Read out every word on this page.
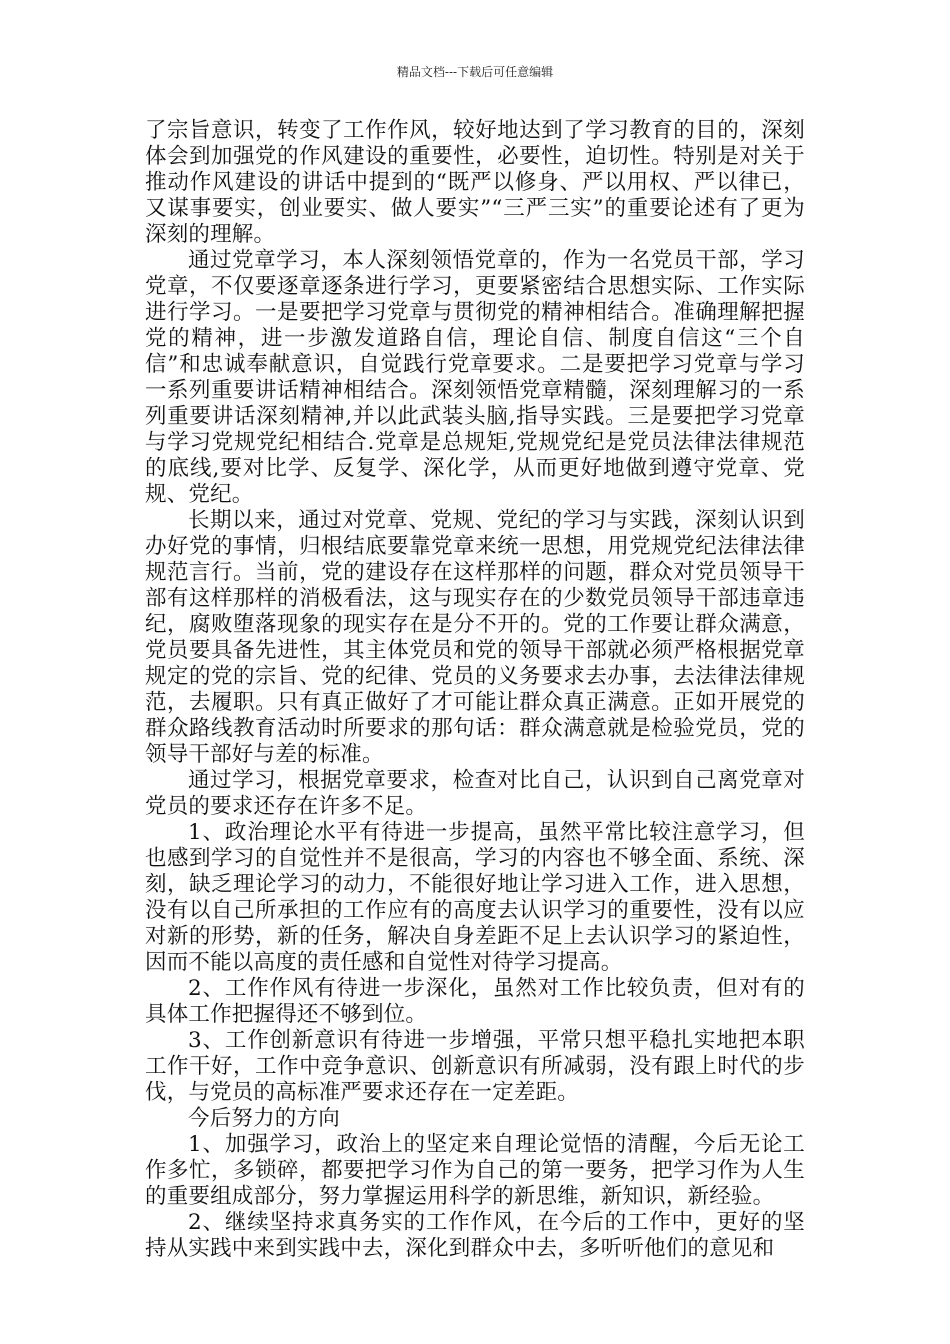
精品文档---下载后可任意编辑

了宗旨意识，转变了工作作风，较好地达到了学习教育的目的，深刻体会到加强党的作风建设的重要性，必要性，迫切性。特别是对关于推动作风建设的讲话中提到的“既严以修身、严以用权、严以律已，又谋事要实，创业要实、做人要实”“三严三实”的重要论述有了更为深刻的理解。

通过党章学习，本人深刻领悟党章的，作为一名党员干部，学习党章，不仅要逐章逐条进行学习，更要紧密结合思想实际、工作实际进行学习。一是要把学习党章与贯彻党的精神相结合。准确理解把握党的精神，进一步激发道路自信，理论自信、制度自信这“三个自信”和忠诚奉献意识，自觉践行党章要求。二是要把学习党章与学习一系列重要讲话精神相结合。深刻领悟党章精髓，深刻理解习的一系列重要讲话深刻精神,并以此武装头脑,指导实践。三是要把学习党章与学习党规党纪相结合.党章是总规矩,党规党纪是党员法律法律规范的底线,要对比学、反复学、深化学，从而更好地做到遵守党章、党规、党纪。

长期以来，通过对党章、党规、党纪的学习与实践，深刻认识到办好党的事情，归根结底要靠党章来统一思想，用党规党纪法律法律规范言行。当前，党的建设存在这样那样的问题，群众对党员领导干部有这样那样的消极看法，这与现实存在的少数党员领导干部违章违纪，腐败堕落现象的现实存在是分不开的。党的工作要让群众满意，党员要具备先进性，其主体党员和党的领导干部就必须严格根据党章规定的党的宗旨、党的纪律、党员的义务要求去办事，去法律法律规范，去履职。只有真正做好了才可能让群众真正满意。正如开展党的群众路线教育活动时所要求的那句话：群众满意就是检验党员，党的领导干部好与差的标准。

通过学习，根据党章要求，检查对比自己，认识到自己离党章对党员的要求还存在许多不足。

1、政治理论水平有待进一步提高，虽然平常比较注意学习，但也感到学习的自觉性并不是很高，学习的内容也不够全面、系统、深刻，缺乏理论学习的动力，不能很好地让学习进入工作，进入思想，没有以自己所承担的工作应有的高度去认识学习的重要性，没有以应对新的形势，新的任务，解决自身差距不足上去认识学习的紧迫性，因而不能以高度的责任感和自觉性对待学习提高。

2、工作作风有待进一步深化，虽然对工作比较负责，但对有的具体工作把握得还不够到位。

3、工作创新意识有待进一步增强，平常只想平稳扎实地把本职工作干好，工作中竞争意识、创新意识有所减弱，没有跟上时代的步伐，与党员的高标准严要求还存在一定差距。

今后努力的方向

1、加强学习，政治上的坚定来自理论觉悟的清醒，今后无论工作多忙，多锁碎，都要把学习作为自己的第一要务，把学习作为人生的重要组成部分，努力掌握运用科学的新思维，新知识，新经验。

2、继续坚持求真务实的工作作风，在今后的工作中，更好的坚持从实践中来到实践中去，深化到群众中去，多听听他们的意见和
